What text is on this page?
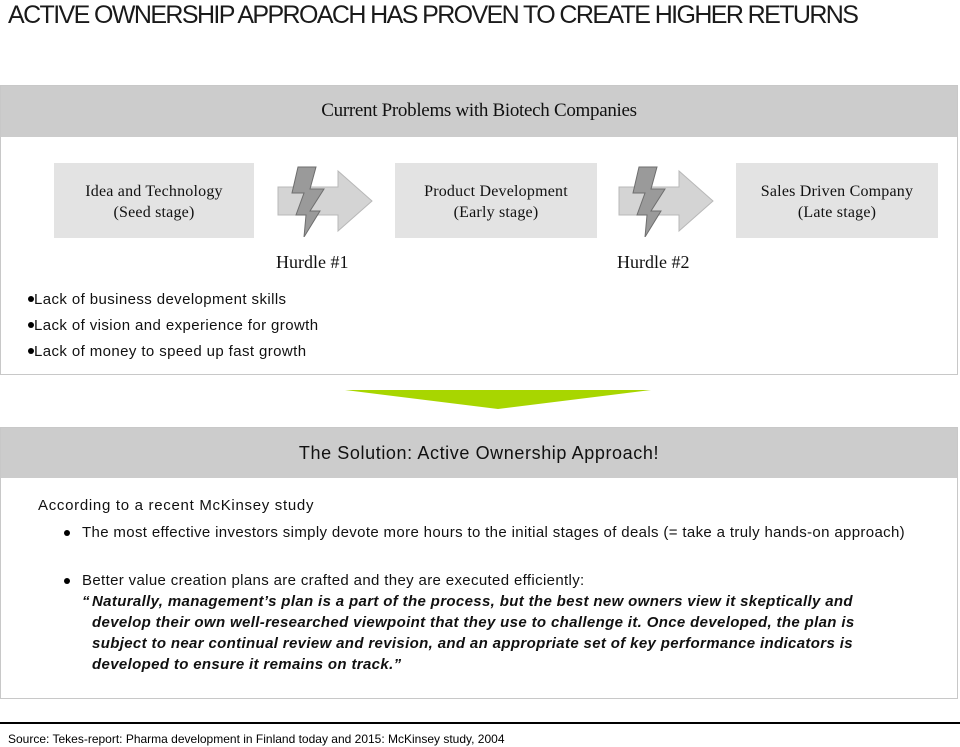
ACTIVE OWNERSHIP APPROACH HAS PROVEN TO CREATE HIGHER RETURNS
Current Problems with Biotech Companies
Idea and Technology
(Seed stage)
Product Development
(Early stage)
Sales Driven Company
(Late stage)
Hurdle #1	Hurdle #2
Lack of business development skills
Lack of vision and experience for growth
Lack of money to speed up fast growth
The Solution: Active Ownership Approach!
According to a recent McKinsey study
The most effective investors simply devote more hours to the initial stages of deals (= take a truly hands-on approach)
Better value creation plans are crafted and they are executed efficiently:
“ Naturally, management’s plan is a part of the process, but the best new owners view it skeptically and develop their own well-researched viewpoint that they use to challenge it. Once developed, the plan is subject to near continual review and revision, and an appropriate set of key performance indicators is developed to ensure it remains on track.”
Source: Tekes-report: Pharma development in Finland today and 2015: McKinsey study, 2004
